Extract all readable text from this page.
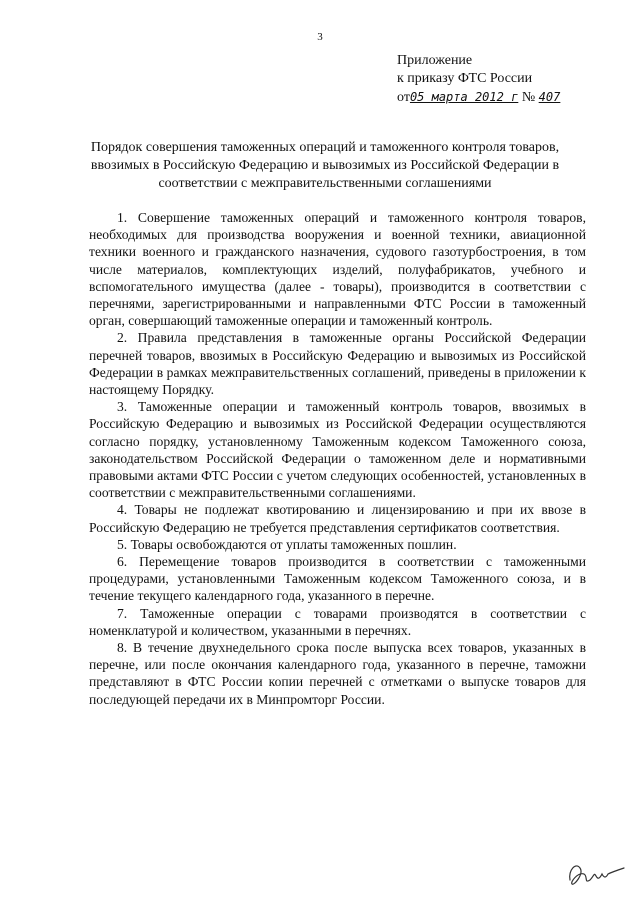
3
Приложение
к приказу ФТС России
от05 марта 2012 г № 407
Порядок совершения таможенных операций и таможенного контроля товаров, ввозимых в Российскую Федерацию и вывозимых из Российской Федерации в соответствии с межправительственными соглашениями

1. Совершение таможенных операций и таможенного контроля товаров, необходимых для производства вооружения и военной техники, авиационной техники военного и гражданского назначения, судового газотурбостроения, в том числе материалов, комплектующих изделий, полуфабрикатов, учебного и вспомогательного имущества (далее - товары), производится в соответствии с перечнями, зарегистрированными и направленными ФТС России в таможенный орган, совершающий таможенные операции и таможенный контроль.

2. Правила представления в таможенные органы Российской Федерации перечней товаров, ввозимых в Российскую Федерацию и вывозимых из Российской Федерации в рамках межправительственных соглашений, приведены в приложении к настоящему Порядку.

3. Таможенные операции и таможенный контроль товаров, ввозимых в Российскую Федерацию и вывозимых из Российской Федерации осуществляются согласно порядку, установленному Таможенным кодексом Таможенного союза, законодательством Российской Федерации о таможенном деле и нормативными правовыми актами ФТС России с учетом следующих особенностей, установленных в соответствии с межправительственными соглашениями.

4. Товары не подлежат квотированию и лицензированию и при их ввозе в Российскую Федерацию не требуется представления сертификатов соответствия.

5. Товары освобождаются от уплаты таможенных пошлин.

6. Перемещение товаров производится в соответствии с таможенными процедурами, установленными Таможенным кодексом Таможенного союза, и в течение текущего календарного года, указанного в перечне.

7. Таможенные операции с товарами производятся в соответствии с номенклатурой и количеством, указанными в перечнях.

8. В течение двухнедельного срока после выпуска всех товаров, указанных в перечне, или после окончания календарного года, указанного в перечне, таможни представляют в ФТС России копии перечней с отметками о выпуске товаров для последующей передачи их в Минпромторг России.
